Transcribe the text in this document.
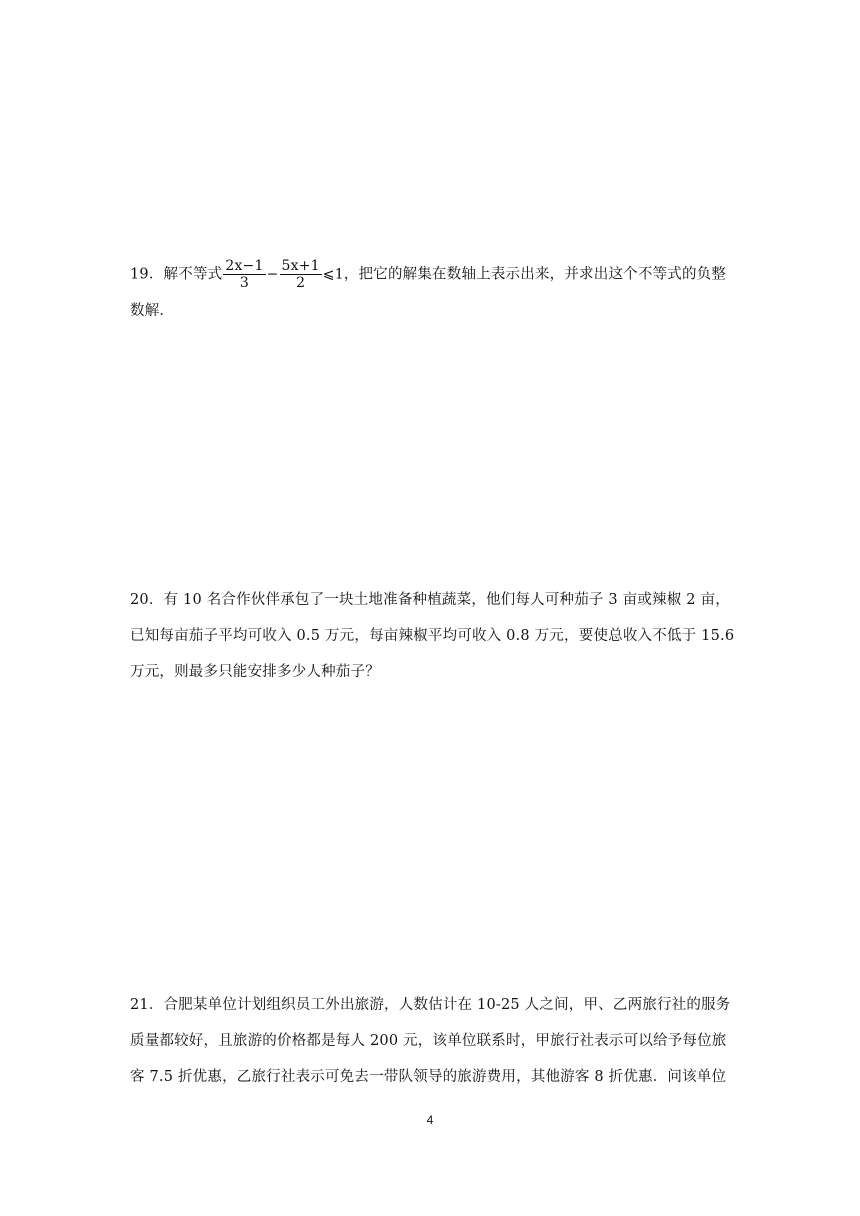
19．解不等式 $\frac{2x-1}{3} - \frac{5x+1}{2}$ ⩽1，把它的解集在数轴上表示出来，并求出这个不等式的负整
数解．
20．有 10 名合作伙伴承包了一块土地准备种植蔬菜，他们每人可种茄子 3 亩或辣椒 2 亩，
已知每亩茄子平均可收入 0.5 万元，每亩辣椒平均可收入 0.8 万元，要使总收入不低于 15.6
万元，则最多只能安排多少人种茄子？
21．合肥某单位计划组织员工外出旅游，人数估计在 10-25 人之间，甲、乙两旅行社的服务
质量都较好，且旅游的价格都是每人 200 元，该单位联系时，甲旅行社表示可以给予每位旅
客 7.5 折优惠，乙旅行社表示可免去一带队领导的旅游费用，其他游客 8 折优惠．问该单位
4
